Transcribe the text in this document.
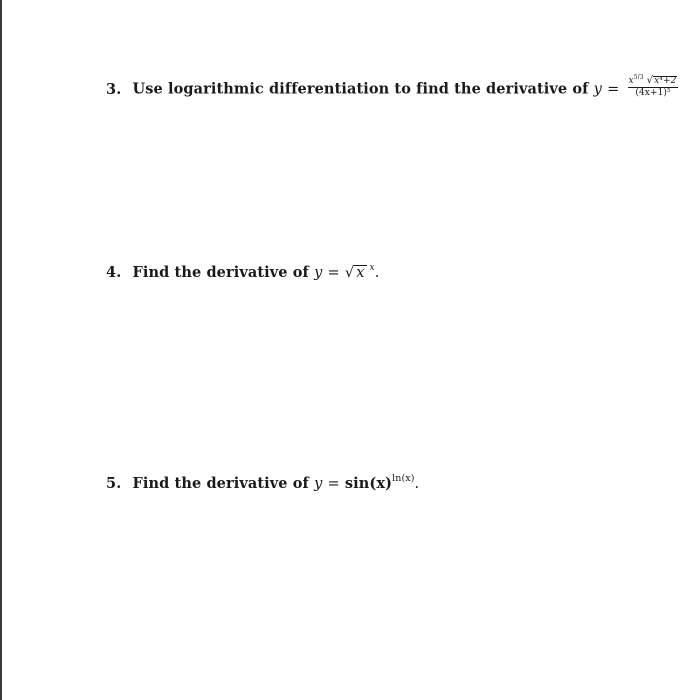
3. Use logarithmic differentiation to find the derivative of $y = \frac{x^{5/3} √x^4+2}{(4x+1)^5}$
4. Find the derivative of y = √ x $^x$.
5. Find the derivative of $y = \sin(x)^{ln(x)}$.
